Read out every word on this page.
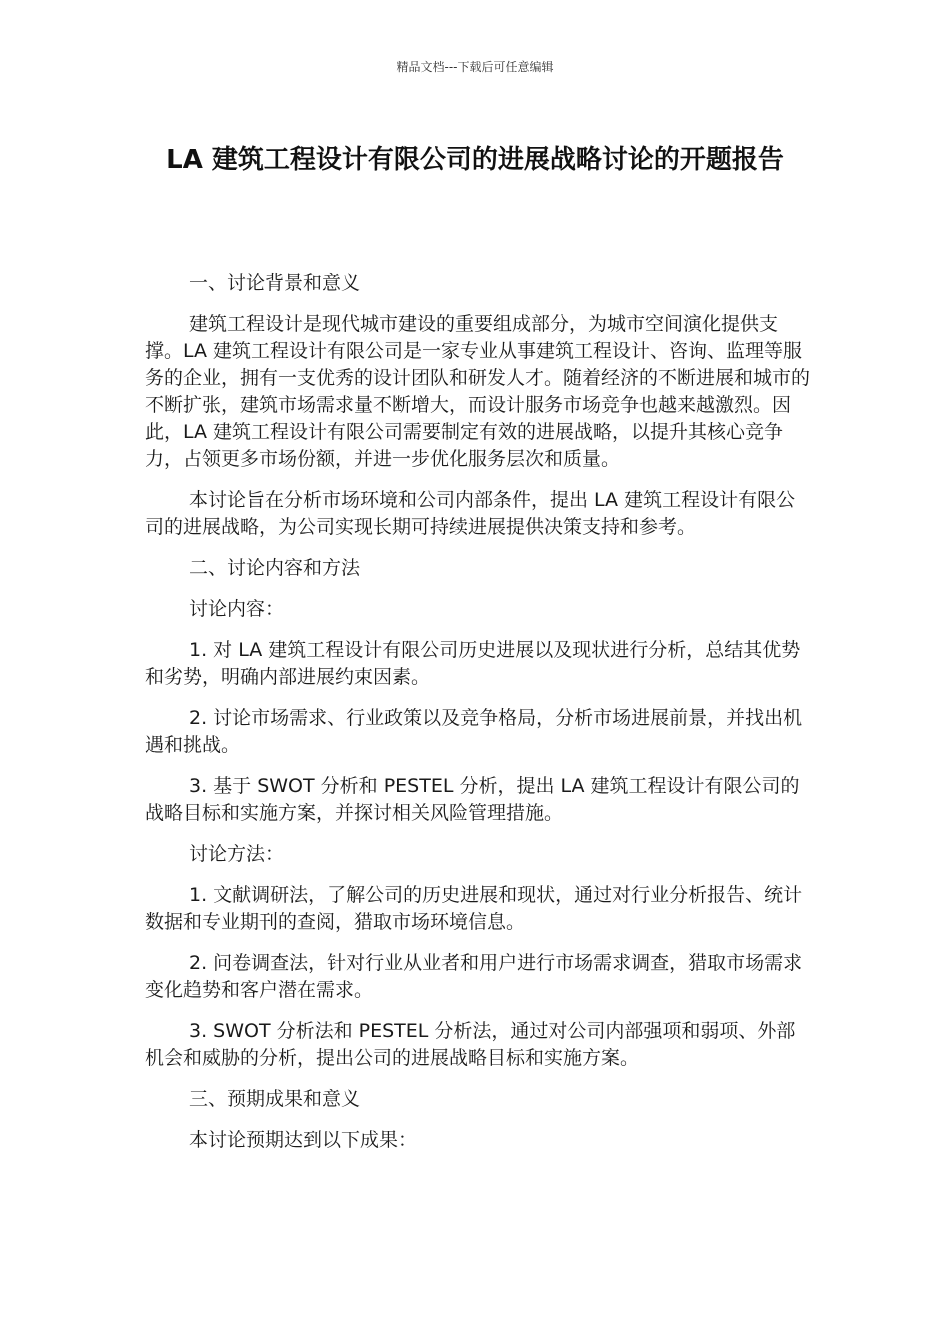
精品文档---下载后可任意编辑
LA 建筑工程设计有限公司的进展战略讨论的开题报告

一、讨论背景和意义

建筑工程设计是现代城市建设的重要组成部分，为城市空间演化提供支撑。LA 建筑工程设计有限公司是一家专业从事建筑工程设计、咨询、监理等服务的企业，拥有一支优秀的设计团队和研发人才。随着经济的不断进展和城市的不断扩张，建筑市场需求量不断增大，而设计服务市场竞争也越来越激烈。因此，LA 建筑工程设计有限公司需要制定有效的进展战略，以提升其核心竞争力，占领更多市场份额，并进一步优化服务层次和质量。

本讨论旨在分析市场环境和公司内部条件，提出 LA 建筑工程设计有限公司的进展战略，为公司实现长期可持续进展提供决策支持和参考。

二、讨论内容和方法

讨论内容：

1. 对 LA 建筑工程设计有限公司历史进展以及现状进行分析，总结其优势和劣势，明确内部进展约束因素。

2. 讨论市场需求、行业政策以及竞争格局，分析市场进展前景，并找出机遇和挑战。

3. 基于 SWOT 分析和 PESTEL 分析，提出 LA 建筑工程设计有限公司的战略目标和实施方案，并探讨相关风险管理措施。

讨论方法：

1. 文献调研法，了解公司的历史进展和现状，通过对行业分析报告、统计数据和专业期刊的查阅，猎取市场环境信息。

2. 问卷调查法，针对行业从业者和用户进行市场需求调查，猎取市场需求变化趋势和客户潜在需求。

3. SWOT 分析法和 PESTEL 分析法，通过对公司内部强项和弱项、外部机会和威胁的分析，提出公司的进展战略目标和实施方案。

三、预期成果和意义

本讨论预期达到以下成果：
